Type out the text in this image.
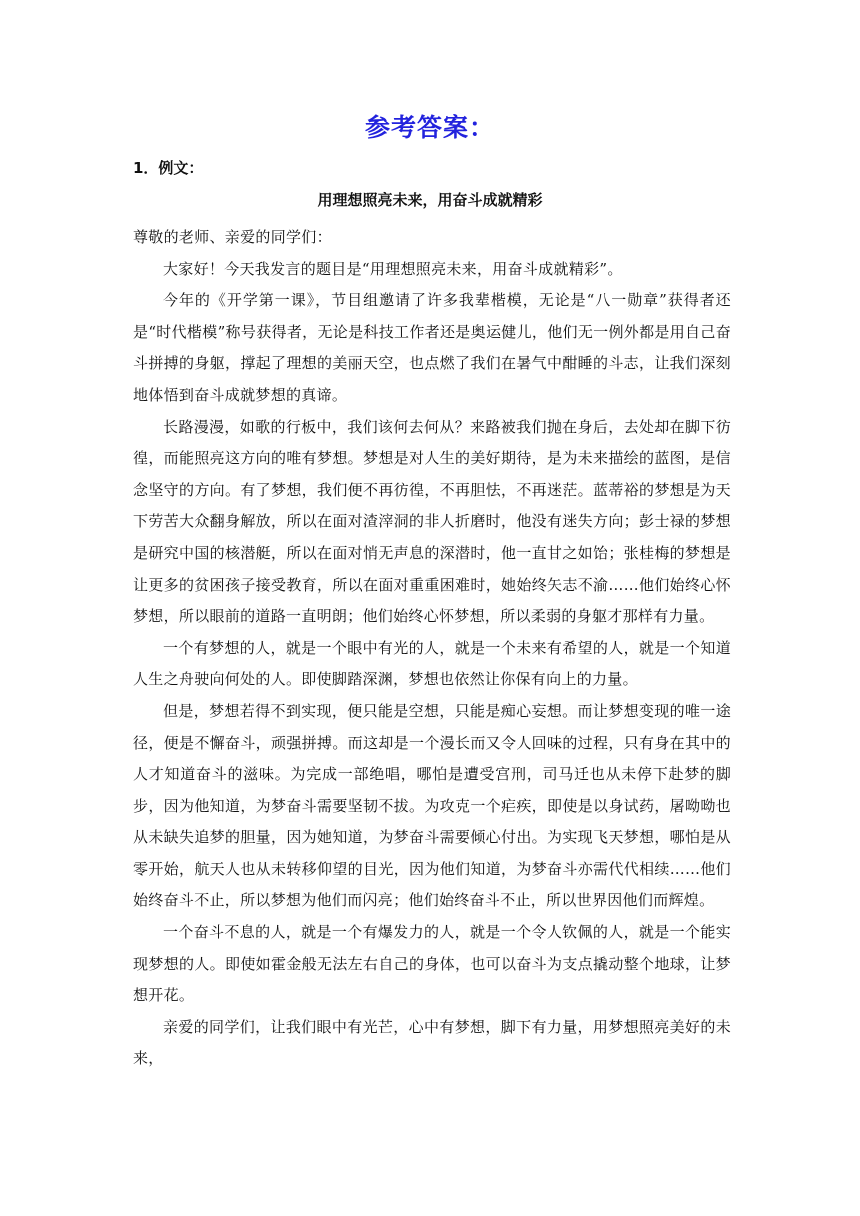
参考答案：
1．例文：
用理想照亮未来，用奋斗成就精彩

尊敬的老师、亲爱的同学们：

大家好！今天我发言的题目是“用理想照亮未来，用奋斗成就精彩”。

今年的《开学第一课》，节目组邀请了许多我辈楷模，无论是“八一勋章”获得者还是“时代楷模”称号获得者，无论是科技工作者还是奥运健儿，他们无一例外都是用自己奋斗拼搏的身躯，撑起了理想的美丽天空，也点燃了我们在暑气中酣睡的斗志，让我们深刻地体悟到奋斗成就梦想的真谛。

长路漫漫，如歌的行板中，我们该何去何从？来路被我们抛在身后，去处却在脚下彷徨，而能照亮这方向的唯有梦想。梦想是对人生的美好期待，是为未来描绘的蓝图，是信念坚守的方向。有了梦想，我们便不再彷徨，不再胆怯，不再迷茫。蓝蒂裕的梦想是为天下劳苦大众翻身解放，所以在面对渣滓洞的非人折磨时，他没有迷失方向；彭士禄的梦想是研究中国的核潜艇，所以在面对悄无声息的深潜时，他一直甘之如饴；张桂梅的梦想是让更多的贫困孩子接受教育，所以在面对重重困难时，她始终矢志不渝……他们始终心怀梦想，所以眼前的道路一直明朗；他们始终心怀梦想，所以柔弱的身躯才那样有力量。

一个有梦想的人，就是一个眼中有光的人，就是一个未来有希望的人，就是一个知道人生之舟驶向何处的人。即使脚踏深渊，梦想也依然让你保有向上的力量。

但是，梦想若得不到实现，便只能是空想，只能是痴心妄想。而让梦想变现的唯一途径，便是不懈奋斗，顽强拼搏。而这却是一个漫长而又令人回味的过程，只有身在其中的人才知道奋斗的滋味。为完成一部绝唱，哪怕是遭受宫刑，司马迁也从未停下赴梦的脚步，因为他知道，为梦奋斗需要坚韧不拔。为攻克一个疟疾，即使是以身试药，屠呦呦也从未缺失追梦的胆量，因为她知道，为梦奋斗需要倾心付出。为实现飞天梦想，哪怕是从零开始，航天人也从未转移仰望的目光，因为他们知道，为梦奋斗亦需代代相续……他们始终奋斗不止，所以梦想为他们而闪亮；他们始终奋斗不止，所以世界因他们而辉煌。

一个奋斗不息的人，就是一个有爆发力的人，就是一个令人钦佩的人，就是一个能实现梦想的人。即使如霍金般无法左右自己的身体，也可以奋斗为支点撬动整个地球，让梦想开花。

亲爱的同学们，让我们眼中有光芒，心中有梦想，脚下有力量，用梦想照亮美好的未来，
